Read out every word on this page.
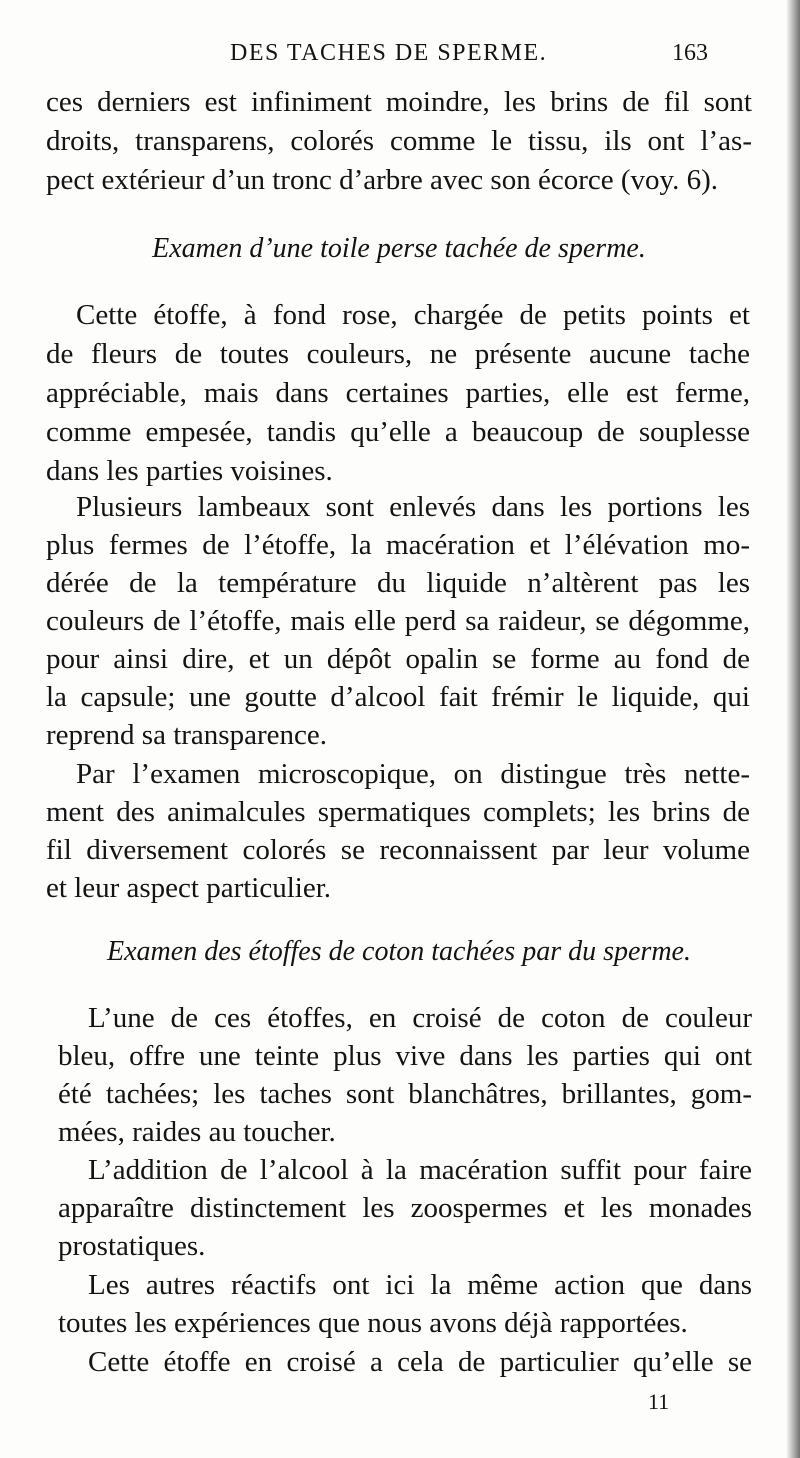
DES TACHES DE SPERME.	163

ces derniers est infiniment moindre, les brins de fil sont

droits, transparens, colorés comme le tissu, ils ont l’as-

pect extérieur d’un tronc d’arbre avec son écorce (voy. 6).

Examen d’une toile perse tachée de sperme.

Cette étoffe, à fond rose, chargée de petits points et

de fleurs de toutes couleurs, ne présente aucune tache

appréciable, mais dans certaines parties, elle est ferme,

comme empesée, tandis qu’elle a beaucoup de souplesse

dans les parties voisines.

Plusieurs lambeaux sont enlevés dans les portions les

plus fermes de l’étoffe, la macération et l’élévation mo-

dérée de la température du liquide n’altèrent pas les

couleurs de l’étoffe, mais elle perd sa raideur, se dégomme,

pour ainsi dire, et un dépôt opalin se forme au fond de

la capsule; une goutte d’alcool fait frémir le liquide, qui

reprend sa transparence.

Par l’examen microscopique, on distingue très nette-

ment des animalcules spermatiques complets; les brins de

fil diversement colorés se reconnaissent par leur volume

et leur aspect particulier.

Examen des étoffes de coton tachées par du sperme.

L’une de ces étoffes, en croisé de coton de couleur

bleu, offre une teinte plus vive dans les parties qui ont

été tachées; les taches sont blanchâtres, brillantes, gom-

mées, raides au toucher.

L’addition de l’alcool à la macération suffit pour faire

apparaître distinctement les zoospermes et les monades

prostatiques.

Les autres réactifs ont ici la même action que dans

toutes les expériences que nous avons déjà rapportées.

Cette étoffe en croisé a cela de particulier qu’elle se

11
